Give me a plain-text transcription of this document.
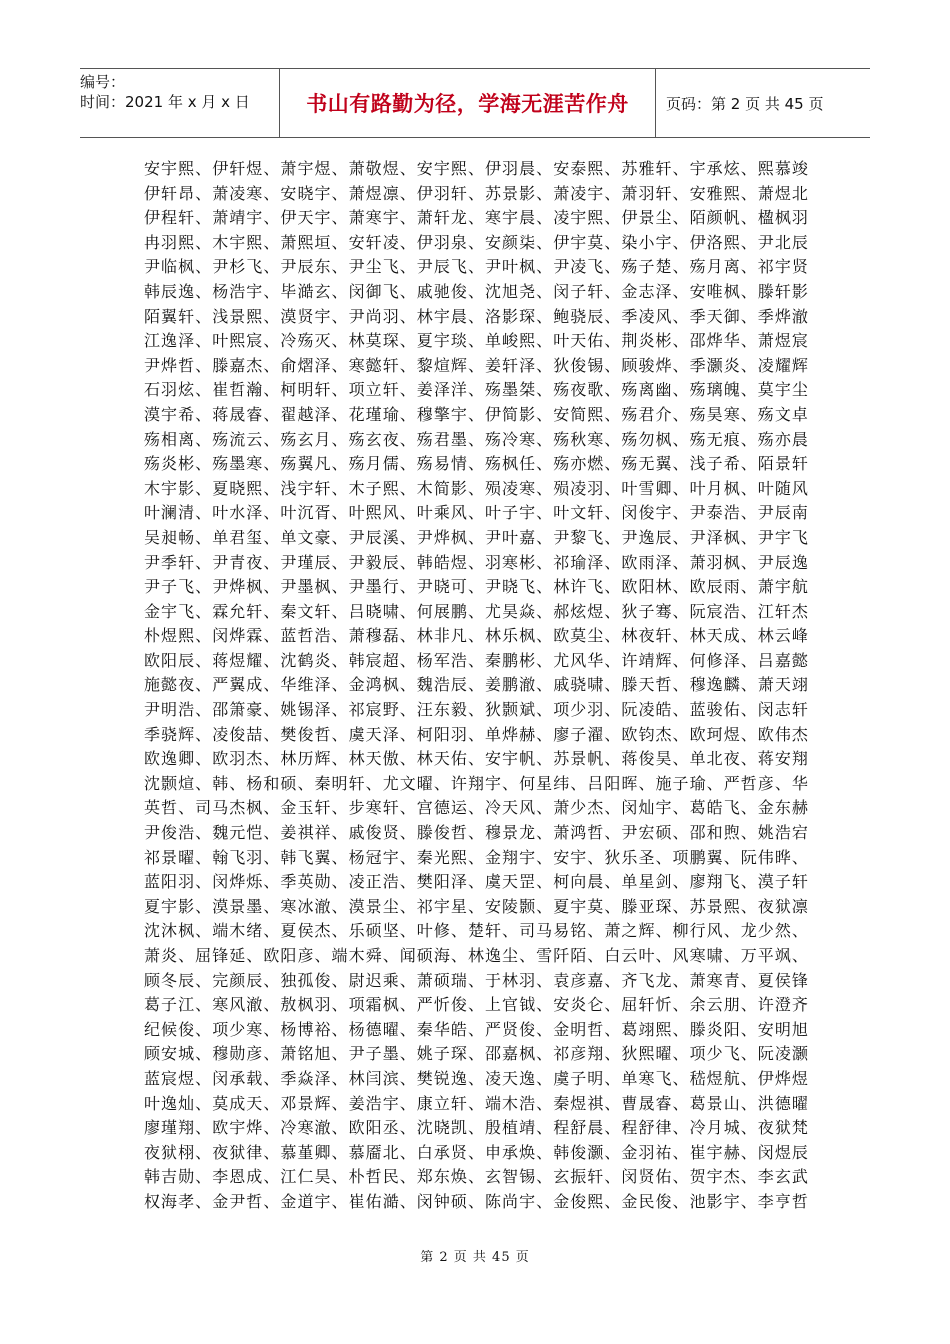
编号：
时间：2021 年 x 月 x 日	书山有路勤为径，学海无涯苦作舟 页码：第 2 页 共 45 页
安宇熙、伊轩煜、萧宇煜、萧敬煜、安宇熙、伊羽晨、安泰熙、苏雅轩、宇承炫、熙慕竣
伊轩昂、萧凌寒、安晓宇、萧煜凛、伊羽轩、苏景影、萧凌宇、萧羽轩、安雅熙、萧煜北
伊程轩、萧靖宇、伊天宇、萧寒宇、萧轩龙、寒宇晨、凌宇熙、伊景尘、陌颜帆、楹枫羽
冉羽熙、木宇熙、萧熙垣、安轩凌、伊羽泉、安颜柒、伊宇莫、染小宇、伊洛熙、尹北辰
尹临枫、尹杉飞、尹辰东、尹尘飞、尹辰飞、尹叶枫、尹凌飞、殇子楚、殇月离、祁宇贤
韩辰逸、杨浩宇、毕澔玄、闵御飞、戚驰俊、沈旭尧、闵子轩、金志泽、安唯枫、滕轩影
陌翼轩、浅景熙、漠贤宇、尹尚羽、林宇晨、洛影琛、鲍骁辰、季凌风、季天御、季烨澈
江逸泽、叶熙宸、冷殇灭、林莫琛、夏宇琰、单峻熙、叶天佑、荆炎彬、邵烨华、萧煜宸
尹烨哲、滕嘉杰、俞熠泽、寒懿轩、黎煊辉、姜轩泽、狄俊锡、顾骏烨、季灏炎、凌耀辉
石羽炫、崔哲瀚、柯明轩、项立轩、姜泽洋、殇墨桀、殇夜歌、殇离幽、殇璃魄、莫宇尘
漠宇希、蒋晟睿、翟越泽、花瑾瑜、穆擎宇、伊简影、安简熙、殇君介、殇昊寒、殇文卓
殇相离、殇流云、殇玄月、殇玄夜、殇君墨、殇冷寒、殇秋寒、殇勿枫、殇无痕、殇亦晨
殇炎彬、殇墨寒、殇翼凡、殇月儒、殇易情、殇枫任、殇亦燃、殇无翼、浅子希、陌景轩
木宇影、夏晓熙、浅宇轩、木子熙、木简影、殒凌寒、殒凌羽、叶雪卿、叶月枫、叶随风
叶澜清、叶水泽、叶沉胥、叶熙风、叶乘风、叶子宇、叶文轩、闵俊宇、尹泰浩、尹辰南
吴昶畅、单君玺、单文豪、尹辰溪、尹烨枫、尹叶嘉、尹黎飞、尹逸辰、尹泽枫、尹宇飞
尹季轩、尹青夜、尹瑾辰、尹毅辰、韩皓煜、羽寒彬、祁瑜泽、欧雨泽、萧羽枫、尹辰逸
尹子飞、尹烨枫、尹墨枫、尹墨行、尹晓可、尹晓飞、林许飞、欧阳林、欧辰雨、萧宇航
金宇飞、霖允轩、秦文轩、吕晓啸、何展鹏、尤昊焱、郝炫煜、狄子骞、阮宸浩、江轩杰
朴煜熙、闵烨霖、蓝哲浩、萧穆磊、林非凡、林乐枫、欧莫尘、林夜轩、林天成、林云峰
欧阳辰、蒋煜耀、沈鹤炎、韩宸超、杨军浩、秦鹏彬、尤风华、许靖辉、何修泽、吕嘉懿
施懿夜、严翼成、华维泽、金鸿枫、魏浩辰、姜鹏澈、戚骁啸、滕天哲、穆逸麟、萧天翊
尹明浩、邵箫豪、姚锡泽、祁宸野、汪东毅、狄颢斌、项少羽、阮凌皓、蓝骏佑、闵志轩
季骁辉、凌俊喆、樊俊哲、虞天泽、柯阳羽、单烨赫、廖子濯、欧钧杰、欧珂煜、欧伟杰
欧逸卿、欧羽杰、林历辉、林天傲、林天佑、安宇帆、苏景帆、蒋俊昊、单北夜、蒋安翔
沈颢煊、韩、杨和硕、秦明轩、尤文曜、许翔宇、何星纬、吕阳晖、施子瑜、严哲彦、华
英哲、司马杰枫、金玉轩、步寒轩、宫德运、冷天风、萧少杰、闵灿宇、葛皓飞、金东赫
尹俊浩、魏元恺、姜祺祥、戚俊贤、滕俊哲、穆景龙、萧鸿哲、尹宏硕、邵和煦、姚浩宕
祁景曜、翰飞羽、韩飞翼、杨冠宇、秦光熙、金翔宇、安宇、狄乐圣、项鹏翼、阮伟晔、
蓝阳羽、闵烨烁、季英勋、凌正浩、樊阳泽、虞天罡、柯向晨、单星剑、廖翔飞、漠子轩
夏宇影、漠景墨、寒冰澈、漠景尘、祁宇星、安陵颢、夏宇莫、滕亚琛、苏景熙、夜狱凛
沈沐枫、端木绪、夏侯杰、乐硕坚、叶修、楚轩、司马易铭、萧之辉、柳行风、龙少然、
萧炎、屈锋延、欧阳彦、端木舜、闻硕海、林逸尘、雪阡陌、白云叶、风寒啸、万平飒、
顾冬辰、完颜辰、独孤俊、尉迟乘、萧硕瑞、于林羽、袁彦嘉、齐飞龙、萧寒青、夏侯锋
葛子江、寒风澈、敖枫羽、项霜枫、严忻俊、上官钺、安炎仑、屈轩忻、余云朋、许澄齐
纪候俊、项少寒、杨博裕、杨德曜、秦华皓、严贤俊、金明哲、葛翊熙、滕炎阳、安明旭
顾安城、穆勋彦、萧铭旭、尹子墨、姚子琛、邵嘉枫、祁彦翔、狄熙曜、项少飞、阮凌灏
蓝宸煜、闵承载、季焱泽、林闫滨、樊锐逸、凌天逸、虞子明、单寒飞、嵇煜航、伊烨煜
叶逸灿、莫成天、邓景辉、姜浩宇、康立轩、端木浩、秦煜祺、曹晟睿、葛景山、洪德曜
廖瑾翔、欧宇烨、冷寒澈、欧阳丞、沈晓凯、殷植靖、程舒晨、程舒律、冷月城、夜狱梵
夜狱栩、夜狱律、慕堇卿、慕靥北、白承贤、申承焕、韩俊灏、金羽祐、崔宇赫、闵煜辰
韩吉勋、李恩成、江仁昊、朴哲民、郑东焕、玄智锡、玄振轩、闵贤佑、贺宇杰、李玄武
权海孝、金尹哲、金道宇、崔佑澔、闵钟硕、陈尚宇、金俊熙、金民俊、池影宇、李亨哲
第 2 页 共 45 页
